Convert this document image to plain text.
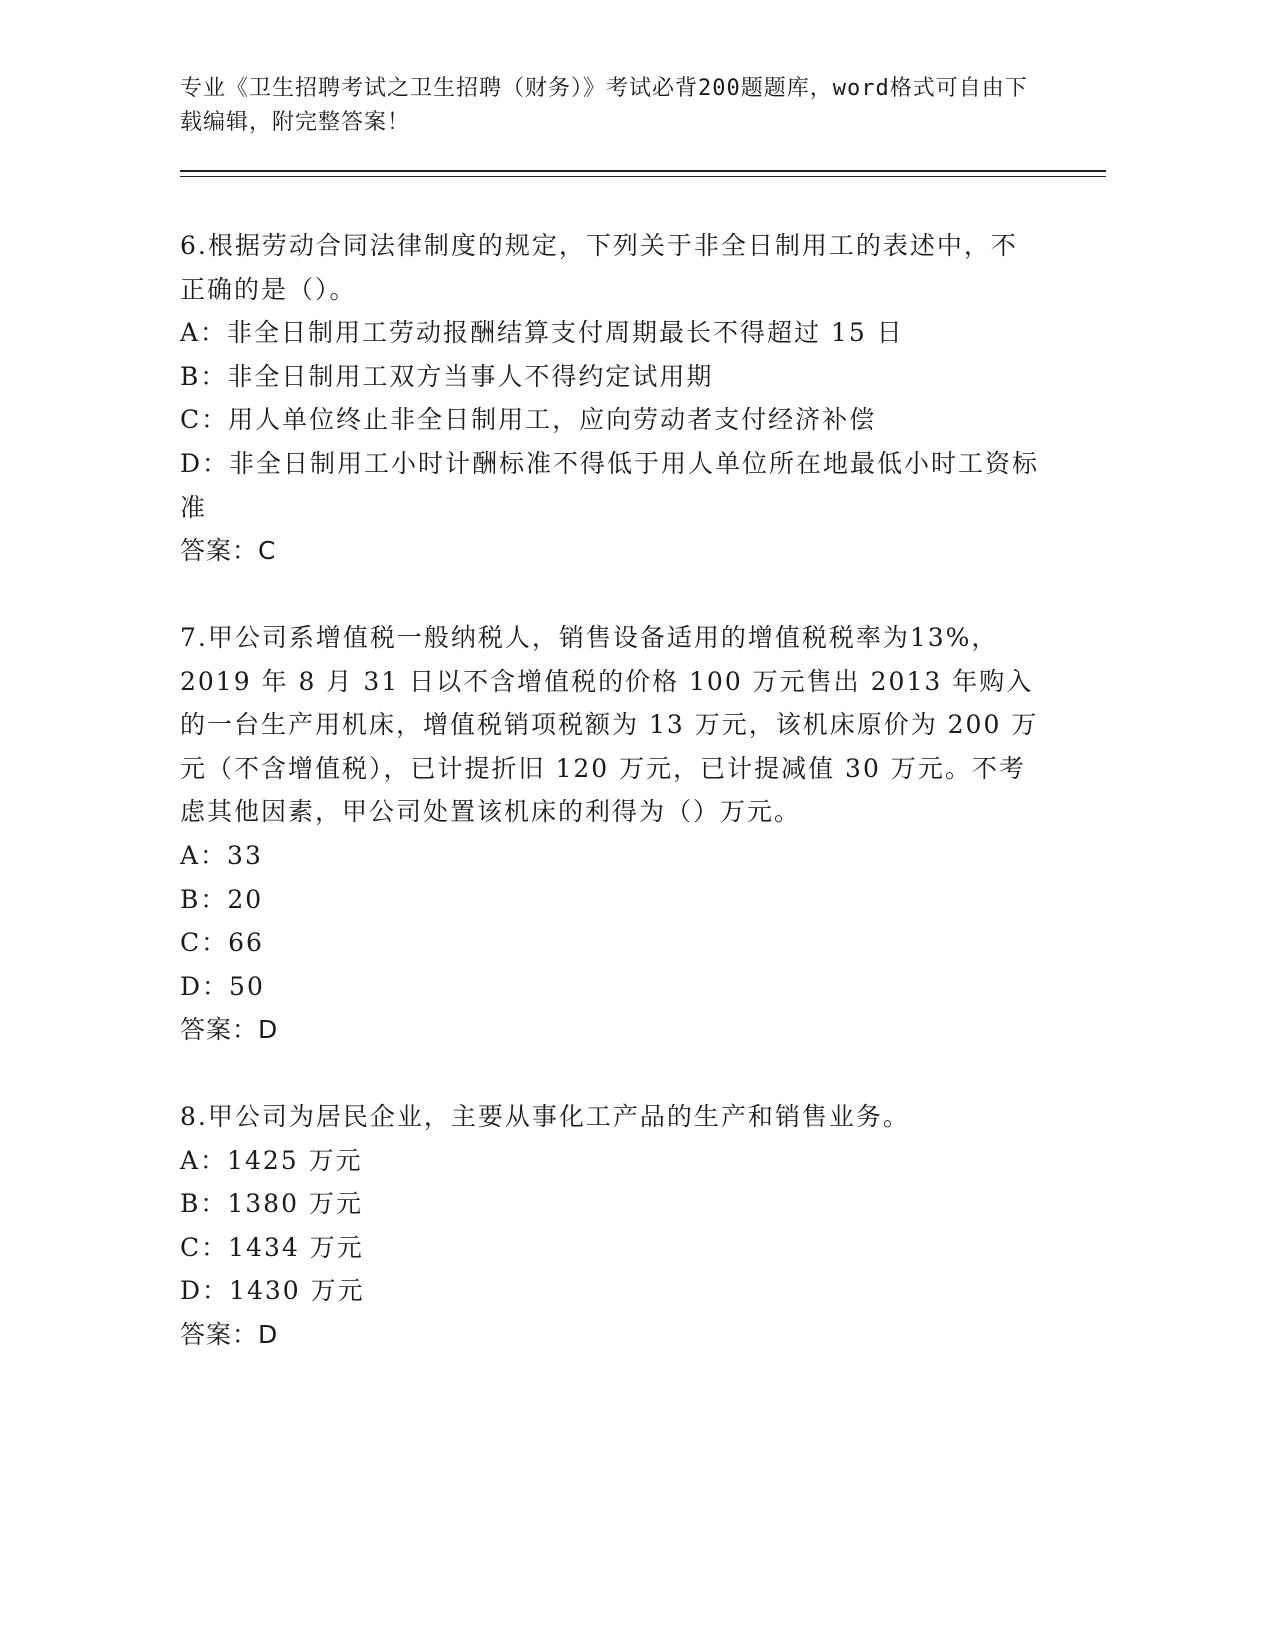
专业《卫生招聘考试之卫生招聘（财务）》考试必背200题题库，word格式可自由下载编辑，附完整答案！
6.根据劳动合同法律制度的规定，下列关于非全日制用工的表述中，不正确的是（）。
A：非全日制用工劳动报酬结算支付周期最长不得超过 15 日
B：非全日制用工双方当事人不得约定试用期
C：用人单位终止非全日制用工，应向劳动者支付经济补偿
D：非全日制用工小时计酬标准不得低于用人单位所在地最低小时工资标准
答案：C
7.甲公司系增值税一般纳税人，销售设备适用的增值税税率为13%，2019 年 8 月 31 日以不含增值税的价格 100 万元售出 2013 年购入的一台生产用机床，增值税销项税额为 13 万元，该机床原价为 200 万元（不含增值税），已计提折旧 120 万元，已计提减值 30 万元。不考虑其他因素，甲公司处置该机床的利得为（）万元。
A：33
B：20
C：66
D：50
答案：D
8.甲公司为居民企业，主要从事化工产品的生产和销售业务。
A：1425 万元
B：1380 万元
C：1434 万元
D：1430 万元
答案：D
